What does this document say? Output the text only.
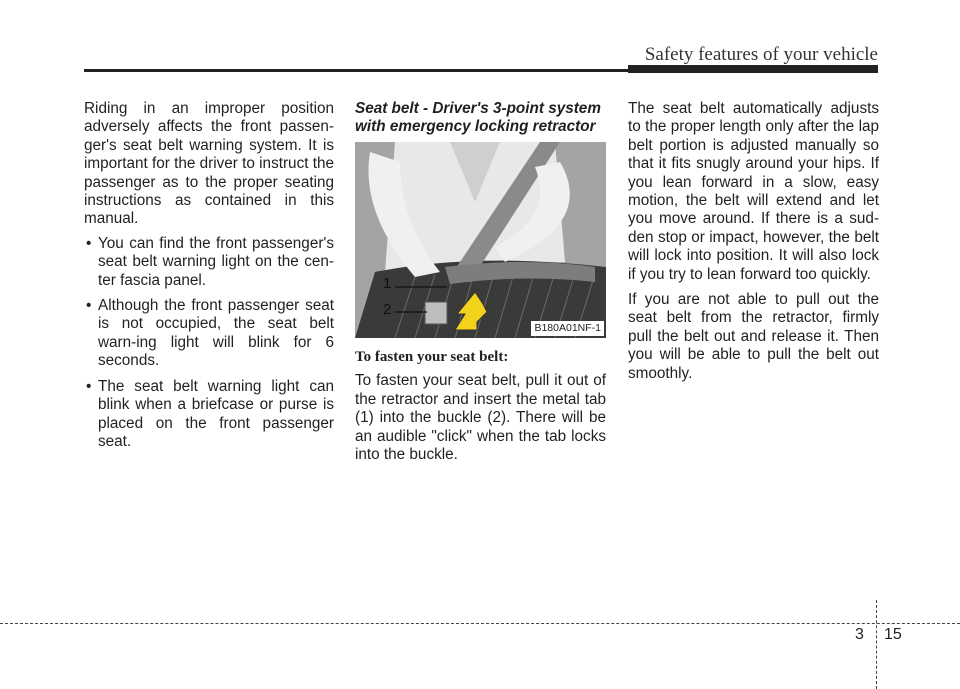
Safety features of your vehicle

Riding in an improper position adversely affects the front passen-ger's seat belt warning system. It is important for the driver to instruct the passenger as to the proper seating instructions as contained in this manual.

• You can find the front passenger's seat belt warning light on the cen-ter fascia panel.
• Although the front passenger seat is not occupied, the seat belt warn-ing light will blink for 6 seconds.
• The seat belt warning light can blink when a briefcase or purse is placed on the front passenger seat.
Seat belt - Driver's 3-point system with emergency locking retractor
1
2
B180A01NF-1
To fasten your seat belt:

To fasten your seat belt, pull it out of the retractor and insert the metal tab (1) into the buckle (2). There will be an audible "click" when the tab locks into the buckle.

The seat belt automatically adjusts to the proper length only after the lap belt portion is adjusted manually so that it fits snugly around your hips. If you lean forward in a slow, easy motion, the belt will extend and let you move around. If there is a sud-den stop or impact, however, the belt will lock into position. It will also lock if you try to lean forward too quickly.

If you are not able to pull out the seat belt from the retractor, firmly pull the belt out and release it. Then you will be able to pull the belt out smoothly.

3 15
